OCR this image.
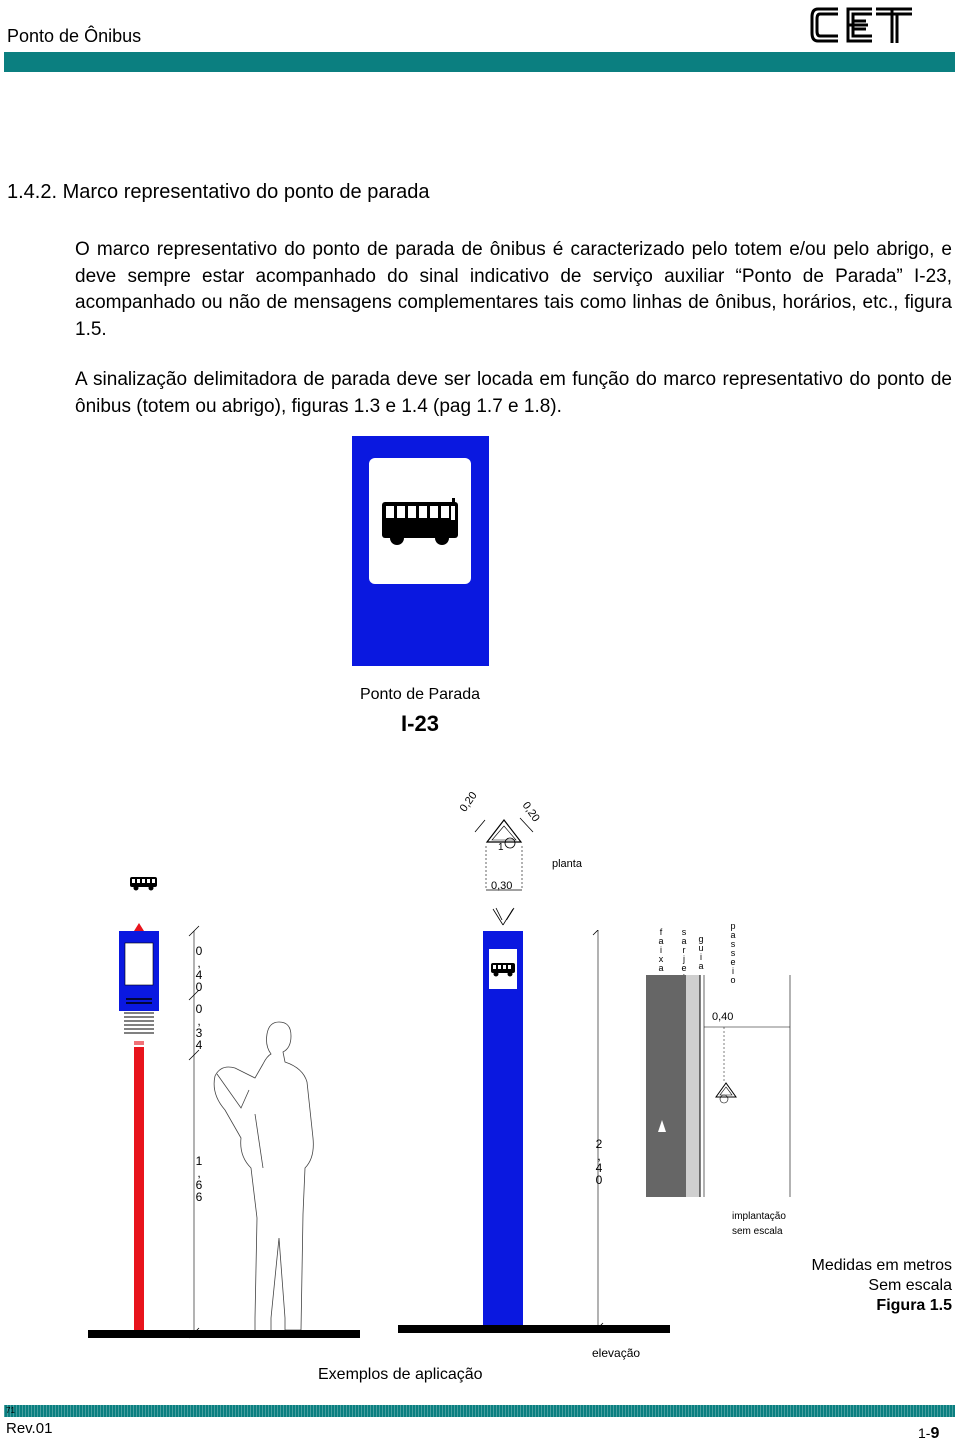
Ponto de Ônibus
1.4.2. Marco representativo do ponto de parada
O marco representativo do ponto de parada de ônibus é caracterizado pelo totem e/ou pelo abrigo, e deve sempre estar acompanhado do sinal indicativo de serviço auxiliar “Ponto de Parada” I-23, acompanhado ou não de mensagens complementares tais como linhas de ônibus, horários, etc., figura 1.5.
A sinalização delimitadora de parada deve ser locada em função do marco representativo do ponto de ônibus (totem ou abrigo), figuras 1.3 e 1.4 (pag 1.7 e 1.8).
Ponto de Parada
I-23
0,20	0,20
1
planta
0,30
0
,
4
0
0
,
3
4
1
,
6
6
2
,
4
0
f
a
i
x
a
s
a
r
j
e
g
u
i
a
p
a
s
s
e
i
o
0,40
implantação
sem escala
Medidas em metros
Sem escala
Figura 1.5
elevação
Exemplos de aplicação
71
Rev.01	1-9
